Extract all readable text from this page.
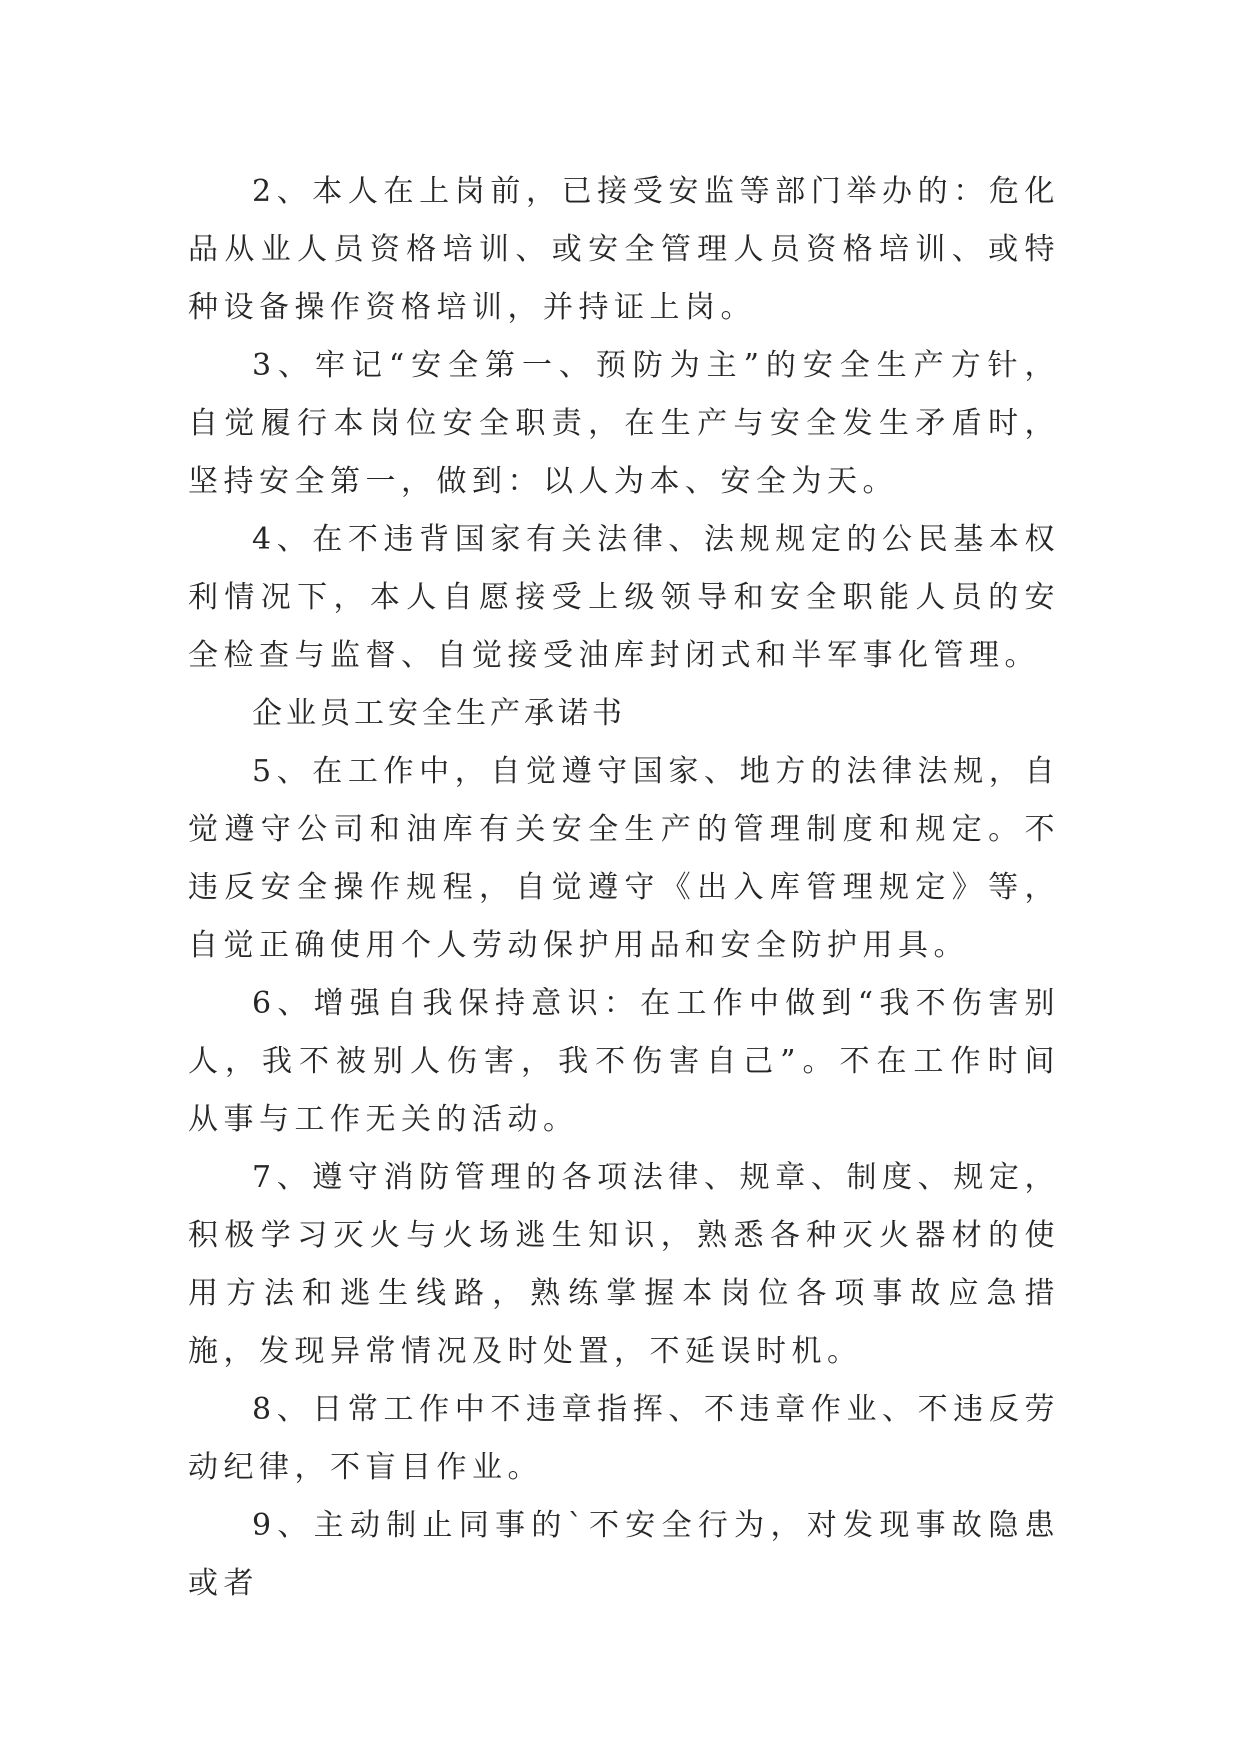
2、本人在上岗前，已接受安监等部门举办的：危化品从业人员资格培训、或安全管理人员资格培训、或特种设备操作资格培训，并持证上岗。

3、牢记“安全第一、预防为主”的安全生产方针，自觉履行本岗位安全职责，在生产与安全发生矛盾时，坚持安全第一，做到：以人为本、安全为天。

4、在不违背国家有关法律、法规规定的公民基本权利情况下，本人自愿接受上级领导和安全职能人员的安全检查与监督、自觉接受油库封闭式和半军事化管理。

企业员工安全生产承诺书

5、在工作中，自觉遵守国家、地方的法律法规，自觉遵守公司和油库有关安全生产的管理制度和规定。不违反安全操作规程，自觉遵守《出入库管理规定》等，自觉正确使用个人劳动保护用品和安全防护用具。

6、增强自我保持意识：在工作中做到“我不伤害别人，我不被别人伤害，我不伤害自己”。不在工作时间从事与工作无关的活动。

7、遵守消防管理的各项法律、规章、制度、规定，积极学习灭火与火场逃生知识，熟悉各种灭火器材的使用方法和逃生线路，熟练掌握本岗位各项事故应急措施，发现异常情况及时处置，不延误时机。

8、日常工作中不违章指挥、不违章作业、不违反劳动纪律，不盲目作业。

9、主动制止同事的`不安全行为，对发现事故隐患或者
